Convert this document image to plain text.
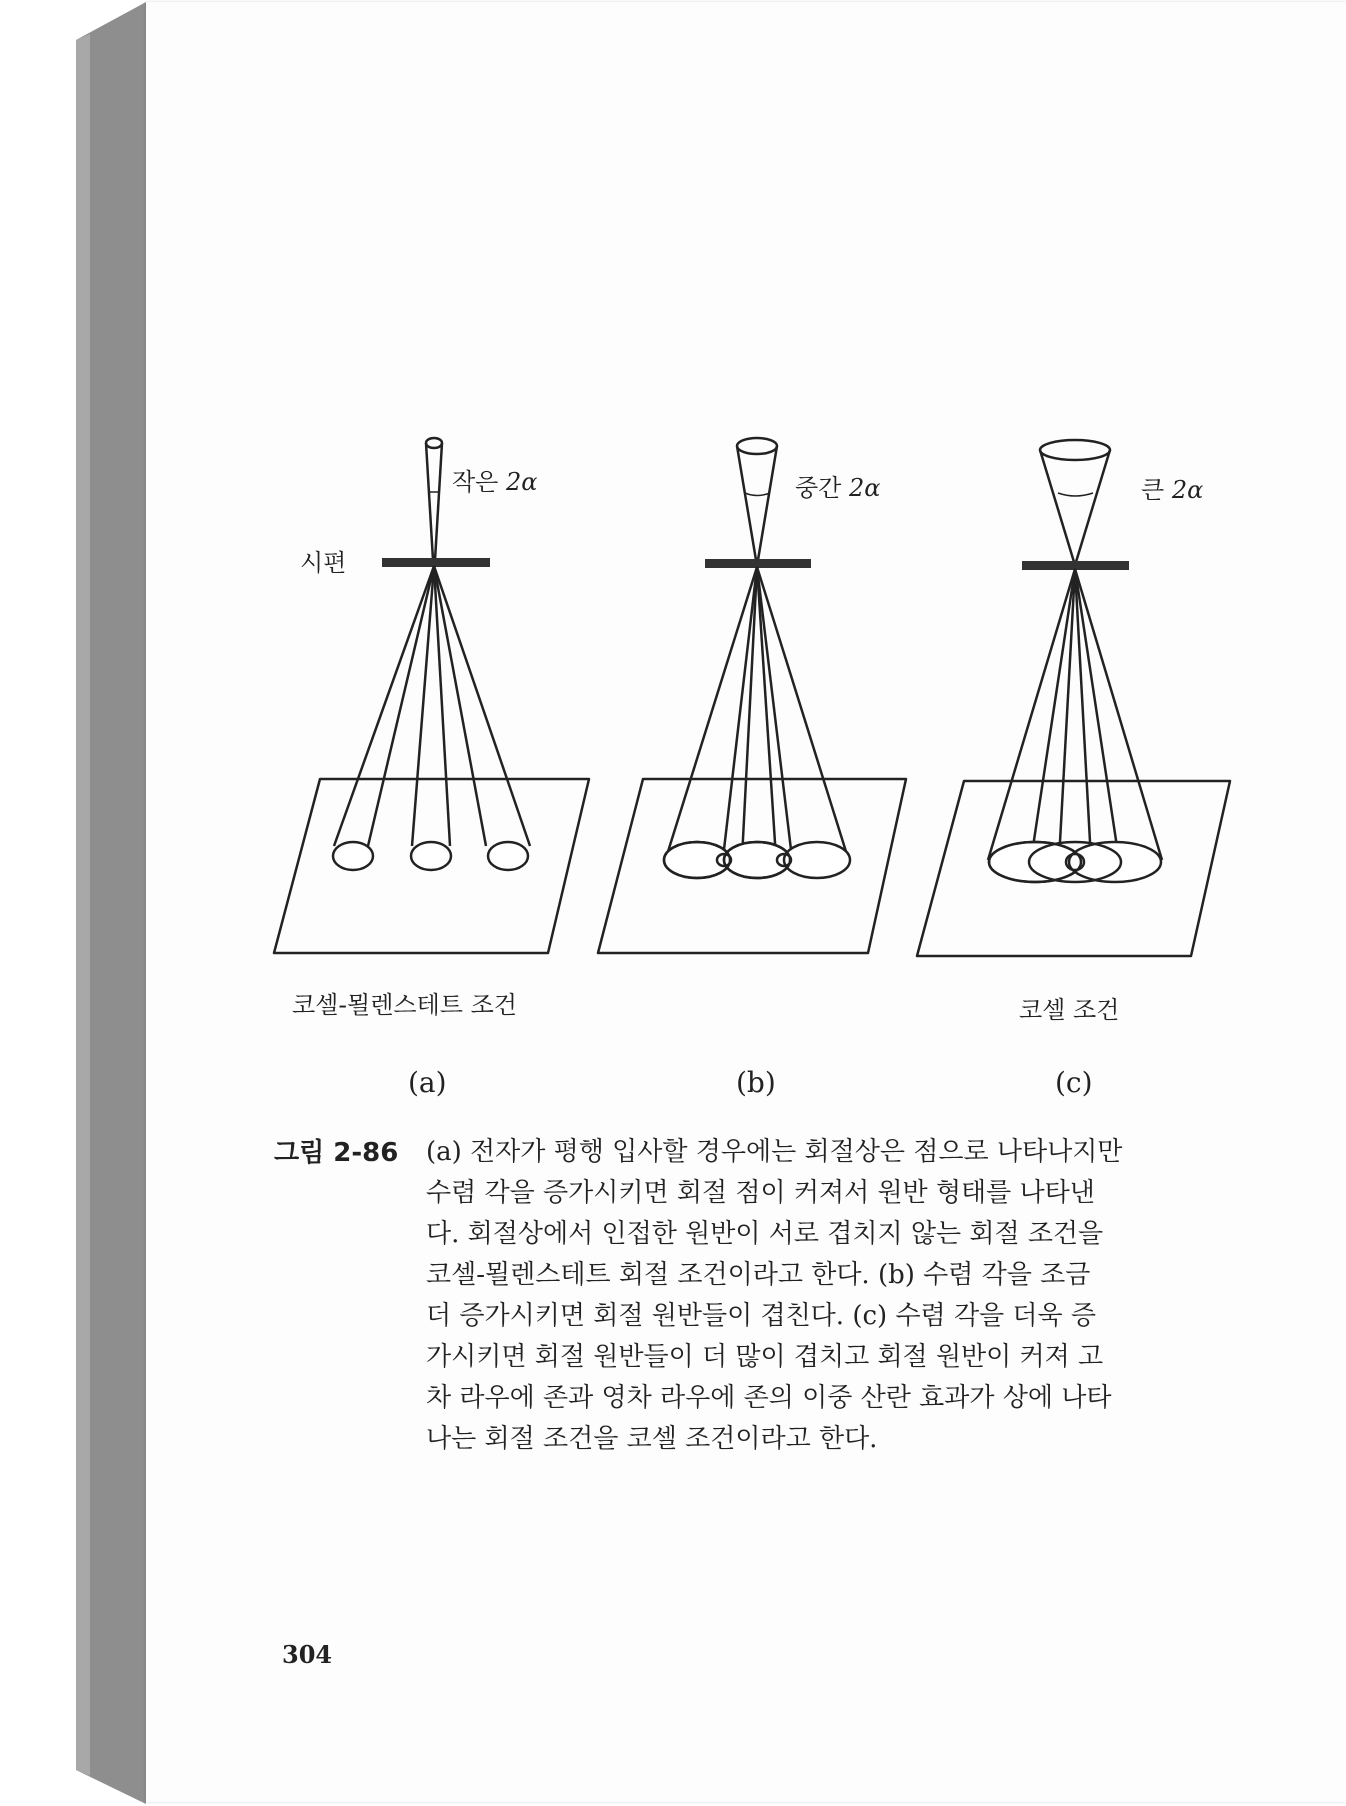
작은 2α	중간 2α	큰 2α
시편
코셀-묄렌스테트 조건	코셀 조건
(a)	(b)	(c)
그림 2-86 (a) 전자가 평행 입사할 경우에는 회절상은 점으로 나타나지만
수렴 각을 증가시키면 회절 점이 커져서 원반 형태를 나타낸
다. 회절상에서 인접한 원반이 서로 겹치지 않는 회절 조건을
코셀-묄렌스테트 회절 조건이라고 한다. (b) 수렴 각을 조금
더 증가시키면 회절 원반들이 겹친다. (c) 수렴 각을 더욱 증
가시키면 회절 원반들이 더 많이 겹치고 회절 원반이 커져 고
차 라우에 존과 영차 라우에 존의 이중 산란 효과가 상에 나타
나는 회절 조건을 코셀 조건이라고 한다.
304
